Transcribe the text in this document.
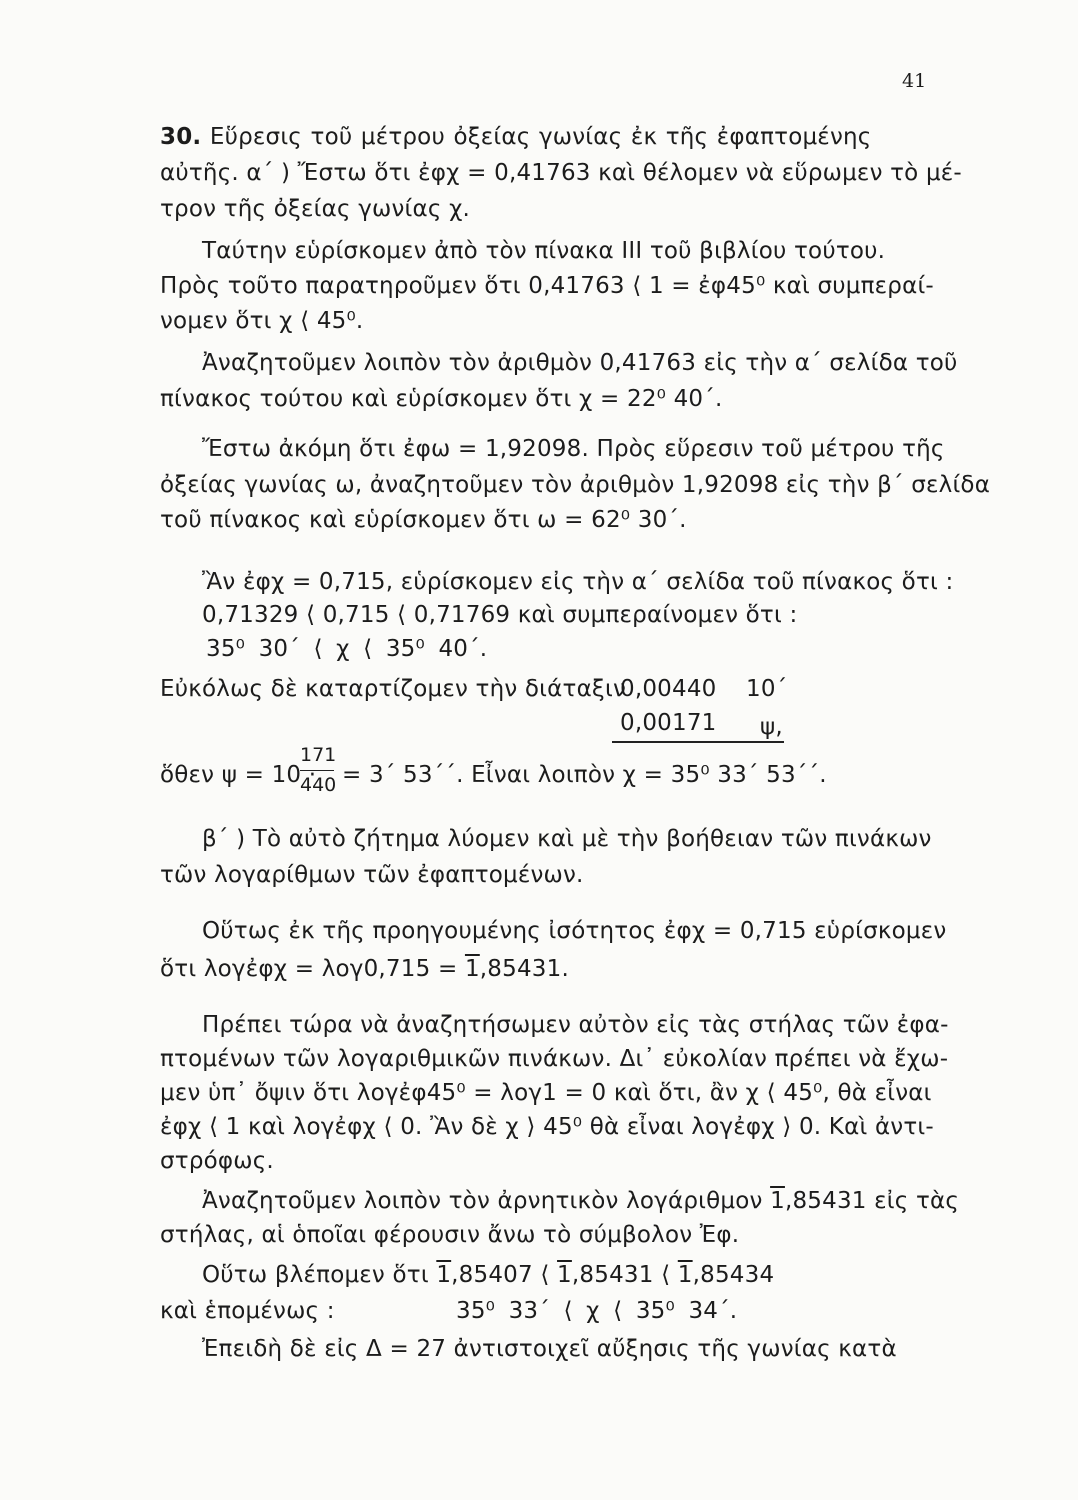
41
30. Εὕρεσις τοῦ μέτρου ὀξείας γωνίας ἐκ τῆς ἐφαπτομένης
αὐτῆς. α΄ ) Ἔστω ὅτι ἐφχ = 0,41763 καὶ θέλομεν νὰ εὕρωμεν τὸ μέ-
τρον τῆς ὀξείας γωνίας χ.
Ταύτην εὑρίσκομεν ἀπὸ τὸν πίνακα ΙΙΙ τοῦ βιβλίου τούτου.
Πρὸς τοῦτο παρατηροῦμεν ὅτι 0,41763 ⟨ 1 = ἐφ45⁰ καὶ συμπεραί-
νομεν ὅτι χ ⟨ 45⁰.
Ἀναζητοῦμεν λοιπὸν τὸν ἀριθμὸν 0,41763 εἰς τὴν α΄ σελίδα τοῦ
πίνακος τούτου καὶ εὑρίσκομεν ὅτι χ = 22⁰ 40΄.
Ἔστω ἀκόμη ὅτι ἐφω = 1,92098. Πρὸς εὕρεσιν τοῦ μέτρου τῆς
ὀξείας γωνίας ω, ἀναζητοῦμεν τὸν ἀριθμὸν 1,92098 εἰς τὴν β΄ σελίδα
τοῦ πίνακος καὶ εὑρίσκομεν ὅτι ω = 62⁰ 30΄.
Ἂν ἐφχ = 0,715, εὑρίσκομεν εἰς τὴν α΄ σελίδα τοῦ πίνακος ὅτι :
0,71329 ⟨ 0,715 ⟨ 0,71769 καὶ συμπεραίνομεν ὅτι :
35⁰ 30΄ ⟨ χ ⟨ 35⁰ 40΄.
Εὐκόλως δὲ καταρτίζομεν τὴν διάταξιν
0,00440 10΄
0,00171 ψ,
ὅθεν ψ = 10 ·
171
440 = 3΄ 53΄΄. Εἶναι λοιπὸν χ = 35⁰ 33΄ 53΄΄.
β΄ ) Τὸ αὐτὸ ζήτημα λύομεν καὶ μὲ τὴν βοήθειαν τῶν πινάκων
τῶν λογαρίθμων τῶν ἐφαπτομένων.
Οὕτως ἐκ τῆς προηγουμένης ἰσότητος ἐφχ = 0,715 εὑρίσκομεν
ὅτι λογἐφχ = λογ0,715 = 1,85431.
Πρέπει τώρα νὰ ἀναζητήσωμεν αὐτὸν εἰς τὰς στήλας τῶν ἐφα-
πτομένων τῶν λογαριθμικῶν πινάκων. Δι᾽ εὐκολίαν πρέπει νὰ ἔχω-
μεν ὑπ᾽ ὄψιν ὅτι λογἐφ45⁰ = λογ1 = 0 καὶ ὅτι, ἂν χ ⟨ 45⁰, θὰ εἶναι
ἐφχ ⟨ 1 καὶ λογἐφχ ⟨ 0. Ἂν δὲ χ ⟩ 45⁰ θὰ εἶναι λογἐφχ ⟩ 0. Καὶ ἀντι-
στρόφως.
Ἀναζητοῦμεν λοιπὸν τὸν ἀρνητικὸν λογάριθμον 1,85431 εἰς τὰς
στήλας, αἱ ὁποῖαι φέρουσιν ἄνω τὸ σύμβολον Ἐφ.
Οὕτω βλέπομεν ὅτι 1,85407 ⟨ 1,85431 ⟨ 1,85434
καὶ ἑπομένως :	35⁰ 33΄ ⟨ χ ⟨ 35⁰ 34΄.
Ἐπειδὴ δὲ εἰς Δ = 27 ἀντιστοιχεῖ αὔξησις τῆς γωνίας κατὰ
